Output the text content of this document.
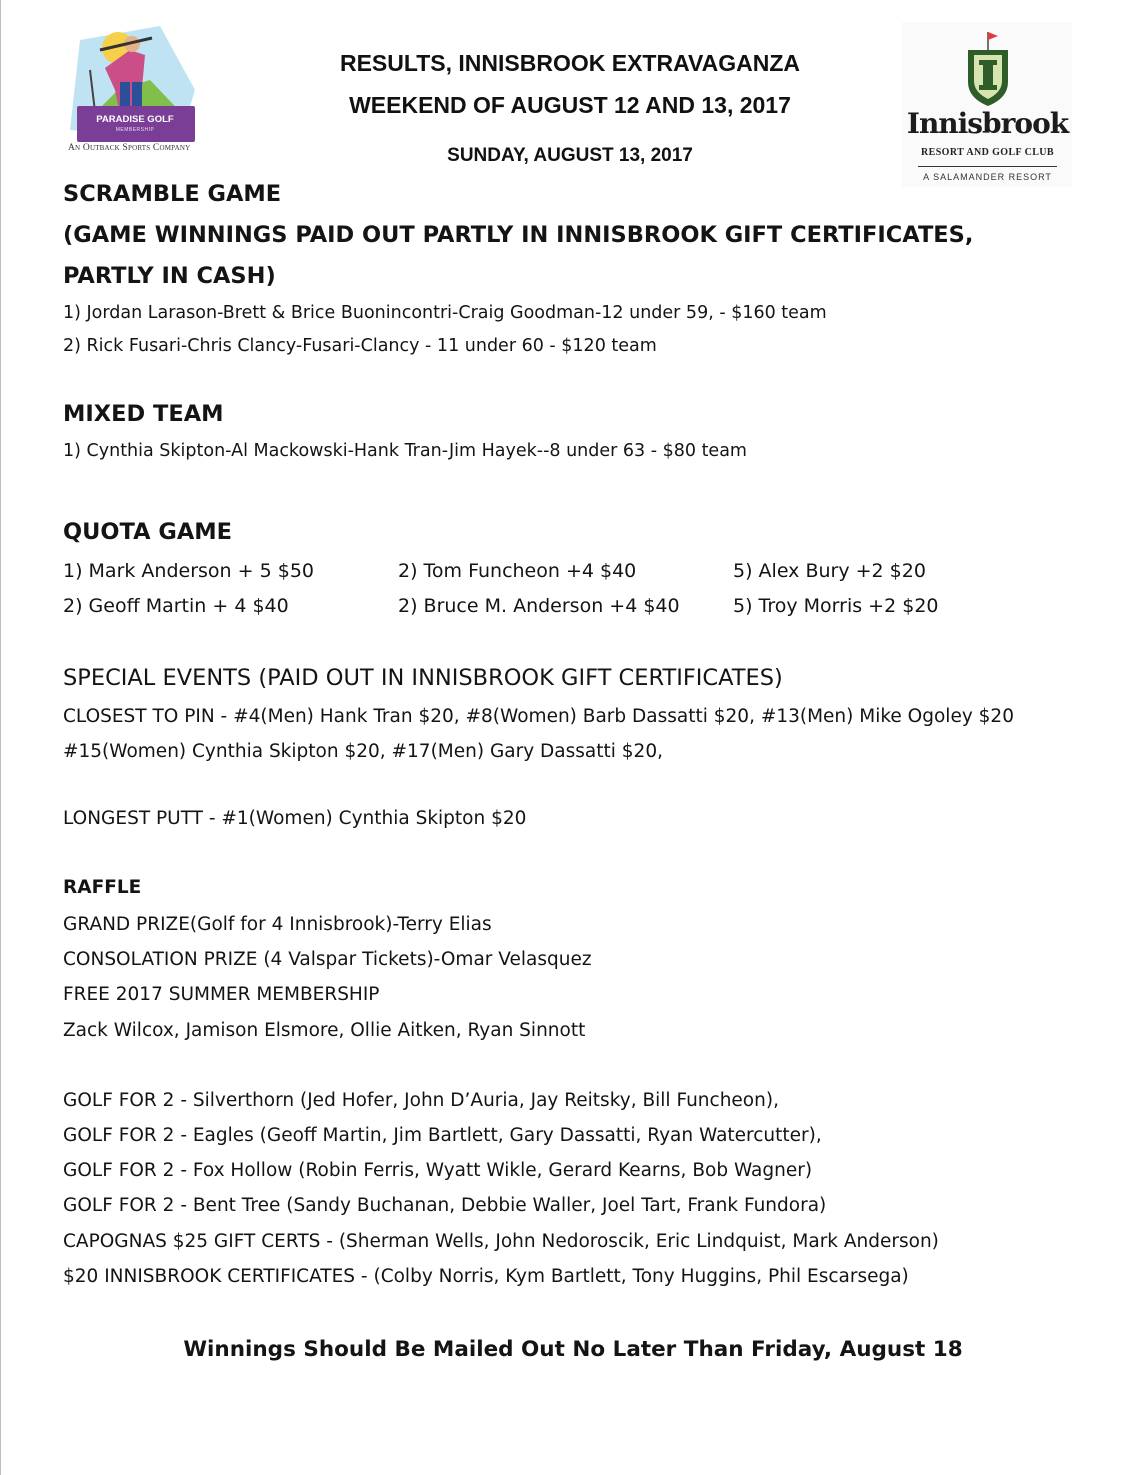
PARADISE GOLF
MEMBERSHIP
An Outback Sports Company
Innisbrook
RESORT AND GOLF CLUB
A SALAMANDER RESORT
RESULTS, INNISBROOK EXTRAVAGANZA
WEEKEND OF AUGUST 12 AND 13, 2017
SUNDAY, AUGUST 13, 2017
SCRAMBLE GAME
(GAME WINNINGS PAID OUT PARTLY IN INNISBROOK GIFT CERTIFICATES,
PARTLY IN CASH)
1) Jordan Larason-Brett & Brice Buonincontri-Craig Goodman-12 under 59, - $160 team
2) Rick Fusari-Chris Clancy-Fusari-Clancy - 11 under 60 - $120 team
MIXED TEAM
1) Cynthia Skipton-Al Mackowski-Hank Tran-Jim Hayek--8 under 63 - $80 team
QUOTA GAME
1) Mark Anderson + 5 $50	2) Tom Funcheon +4 $40	5) Alex Bury +2 $20
2) Geoff Martin + 4 $40	2) Bruce M. Anderson +4 $40	5) Troy Morris +2 $20
SPECIAL EVENTS (PAID OUT IN INNISBROOK GIFT CERTIFICATES)
CLOSEST TO PIN - #4(Men) Hank Tran $20, #8(Women) Barb Dassatti $20, #13(Men) Mike Ogoley $20
#15(Women) Cynthia Skipton $20, #17(Men) Gary Dassatti $20,
LONGEST PUTT - #1(Women) Cynthia Skipton $20
RAFFLE
GRAND PRIZE(Golf for 4 Innisbrook)-Terry Elias
CONSOLATION PRIZE (4 Valspar Tickets)-Omar Velasquez
FREE 2017 SUMMER MEMBERSHIP
Zack Wilcox, Jamison Elsmore, Ollie Aitken, Ryan Sinnott
GOLF FOR 2 - Silverthorn (Jed Hofer, John D’Auria, Jay Reitsky, Bill Funcheon),
GOLF FOR 2 - Eagles (Geoff Martin, Jim Bartlett, Gary Dassatti, Ryan Watercutter),
GOLF FOR 2 - Fox Hollow (Robin Ferris, Wyatt Wikle, Gerard Kearns, Bob Wagner)
GOLF FOR 2 - Bent Tree (Sandy Buchanan, Debbie Waller, Joel Tart, Frank Fundora)
CAPOGNAS $25 GIFT CERTS - (Sherman Wells, John Nedoroscik, Eric Lindquist, Mark Anderson)
$20 INNISBROOK CERTIFICATES - (Colby Norris, Kym Bartlett, Tony Huggins, Phil Escarsega)
Winnings Should Be Mailed Out No Later Than Friday, August 18
